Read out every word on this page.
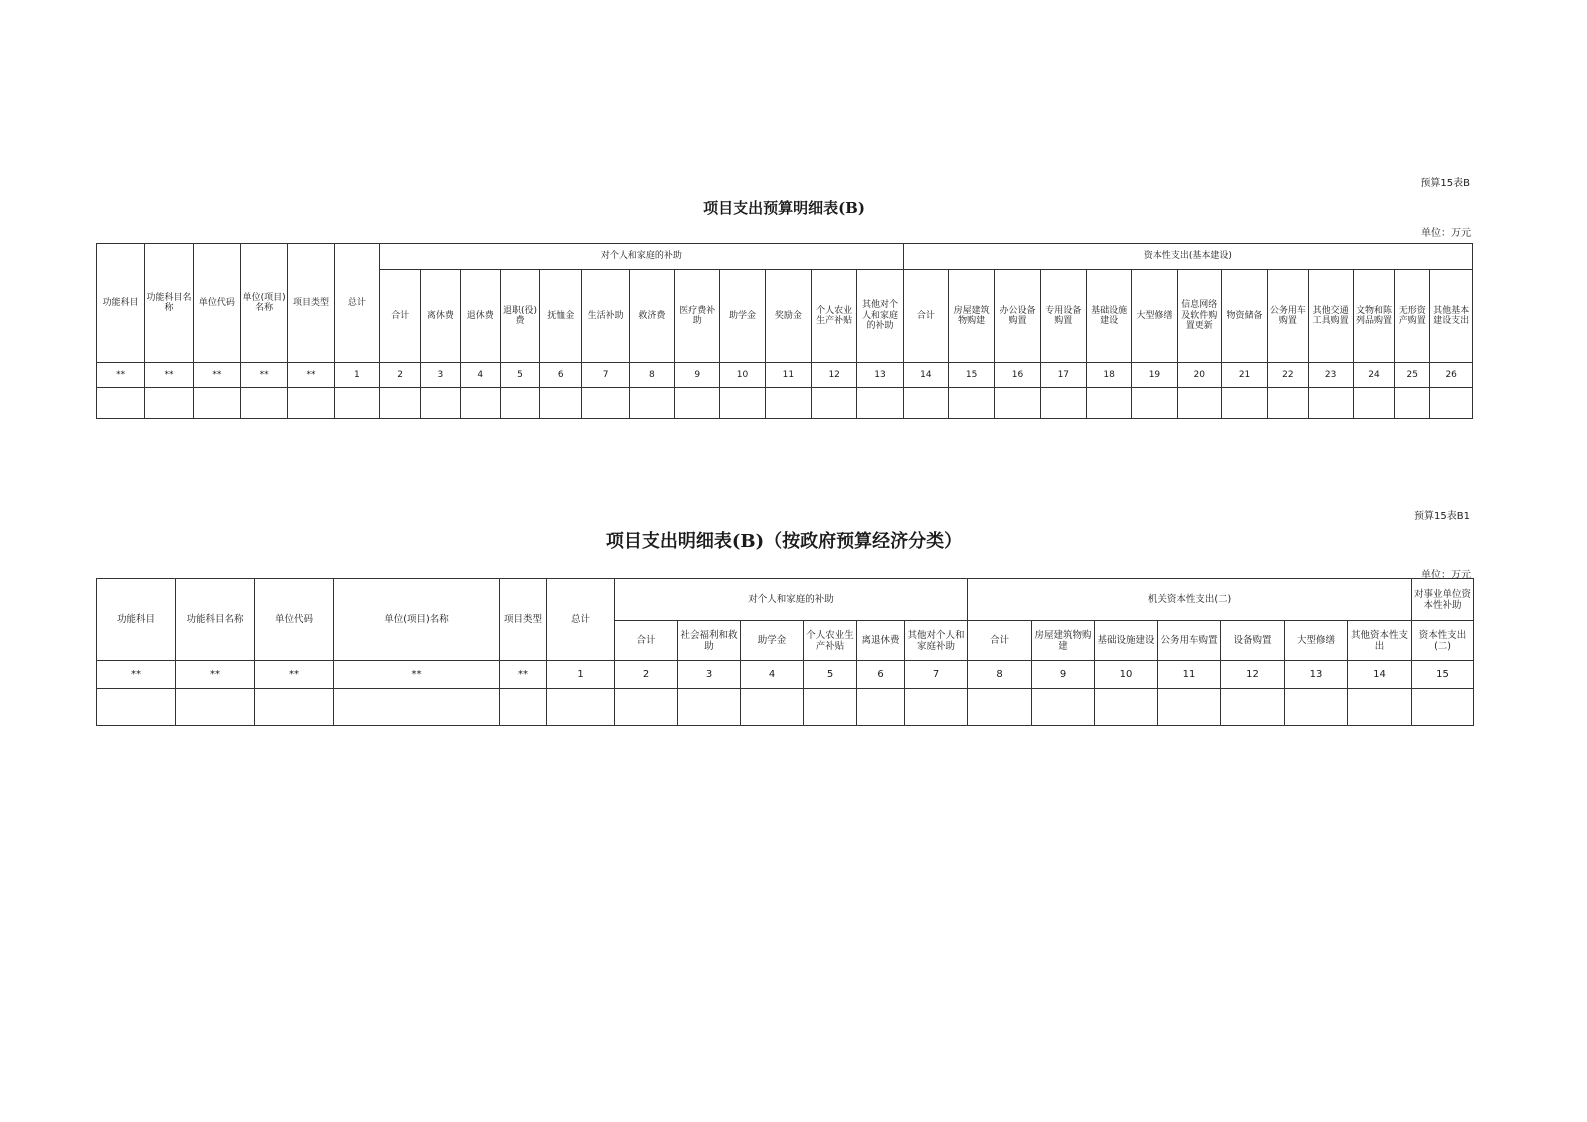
预算15表B
项目支出预算明细表(B)
单位：万元
功能科目	功能科目名称	单位代码	单位(项目)名称	项目类型	总计	对个人和家庭的补助												资本性支出(基本建设)												
						合计	离休费	退休费	退职(役)费	抚恤金	生活补助	救济费	医疗费补助	助学金	奖励金	个人农业生产补贴	其他对个人和家庭的补助	合计	房屋建筑物购建	办公设备购置	专用设备购置	基础设施建设	大型修缮	信息网络及软件购置更新	物资储备	公务用车购置	其他交通工具购置	文物和陈列品购置	无形资产购置	其他基本建设支出
**	**	**	**	**	1	2	3	4	5	6	7	8	9	10	11	12	13	14	15	16	17	18	19	20	21	22	23	24	25	26

预算15表B1
项目支出明细表(B)（按政府预算经济分类）
单位：万元
功能科目	功能科目名称	单位代码	单位(项目)名称	项目类型	总计	对个人和家庭的补助						机关资本性支出(二)							对事业单位资本性补助
						合计	社会福利和救助	助学金	个人农业生产补贴	离退休费	其他对个人和家庭补助	合计	房屋建筑物购建	基础设施建设	公务用车购置	设备购置	大型修缮	其他资本性支出	资本性支出(二)
**	**	**	**	**	1	2	3	4	5	6	7	8	9	10	11	12	13	14	15
